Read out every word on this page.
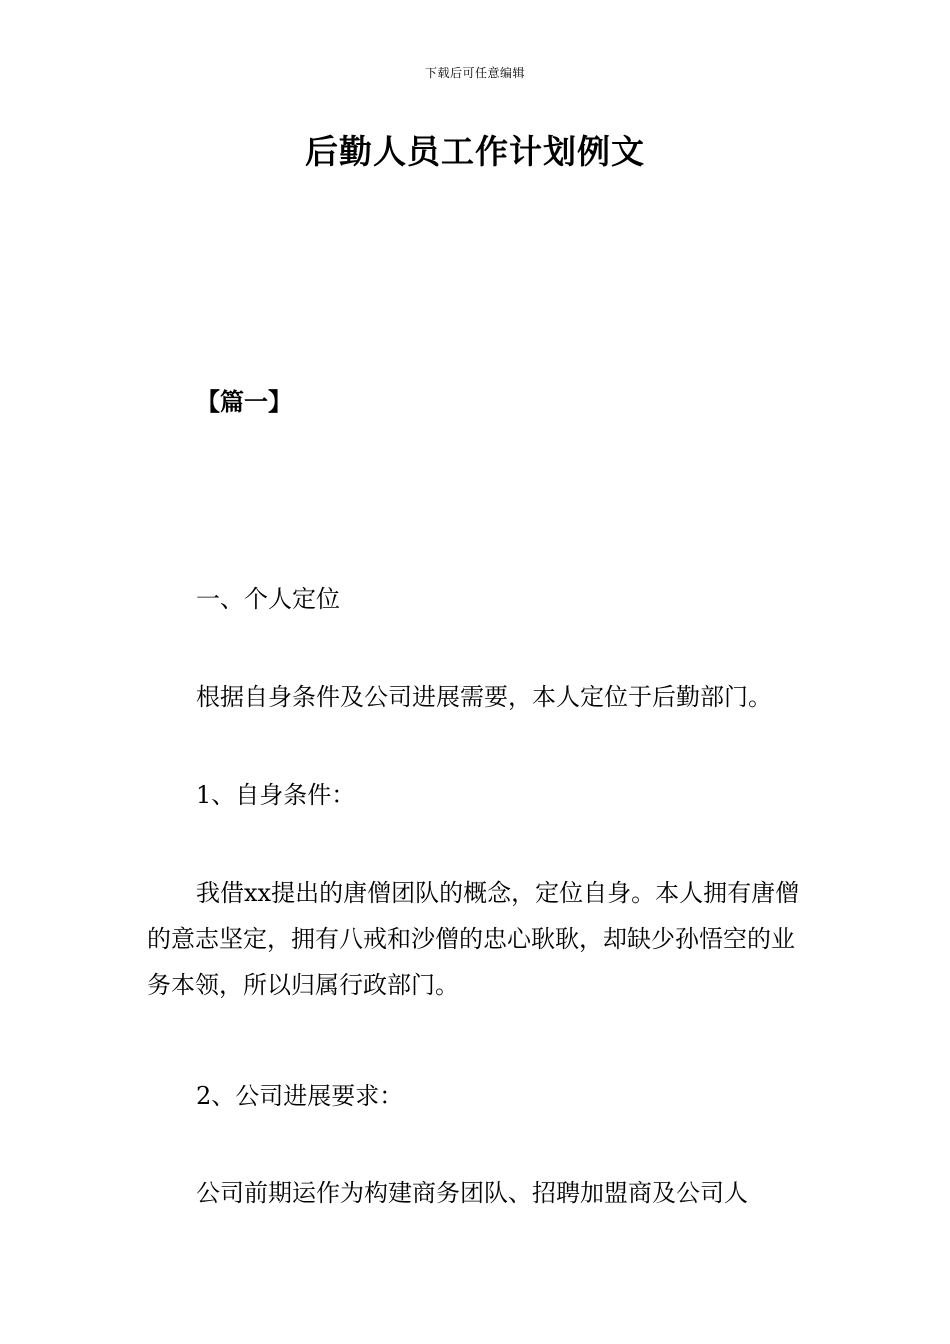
下载后可任意编辑
后勤人员工作计划例文
【篇一】
一、个人定位
根据自身条件及公司进展需要，本人定位于后勤部门。
1、自身条件：
我借xx提出的唐僧团队的概念，定位自身。本人拥有唐僧的意志坚定，拥有八戒和沙僧的忠心耿耿，却缺少孙悟空的业务本领，所以归属行政部门。
2、公司进展要求：
公司前期运作为构建商务团队、招聘加盟商及公司人
